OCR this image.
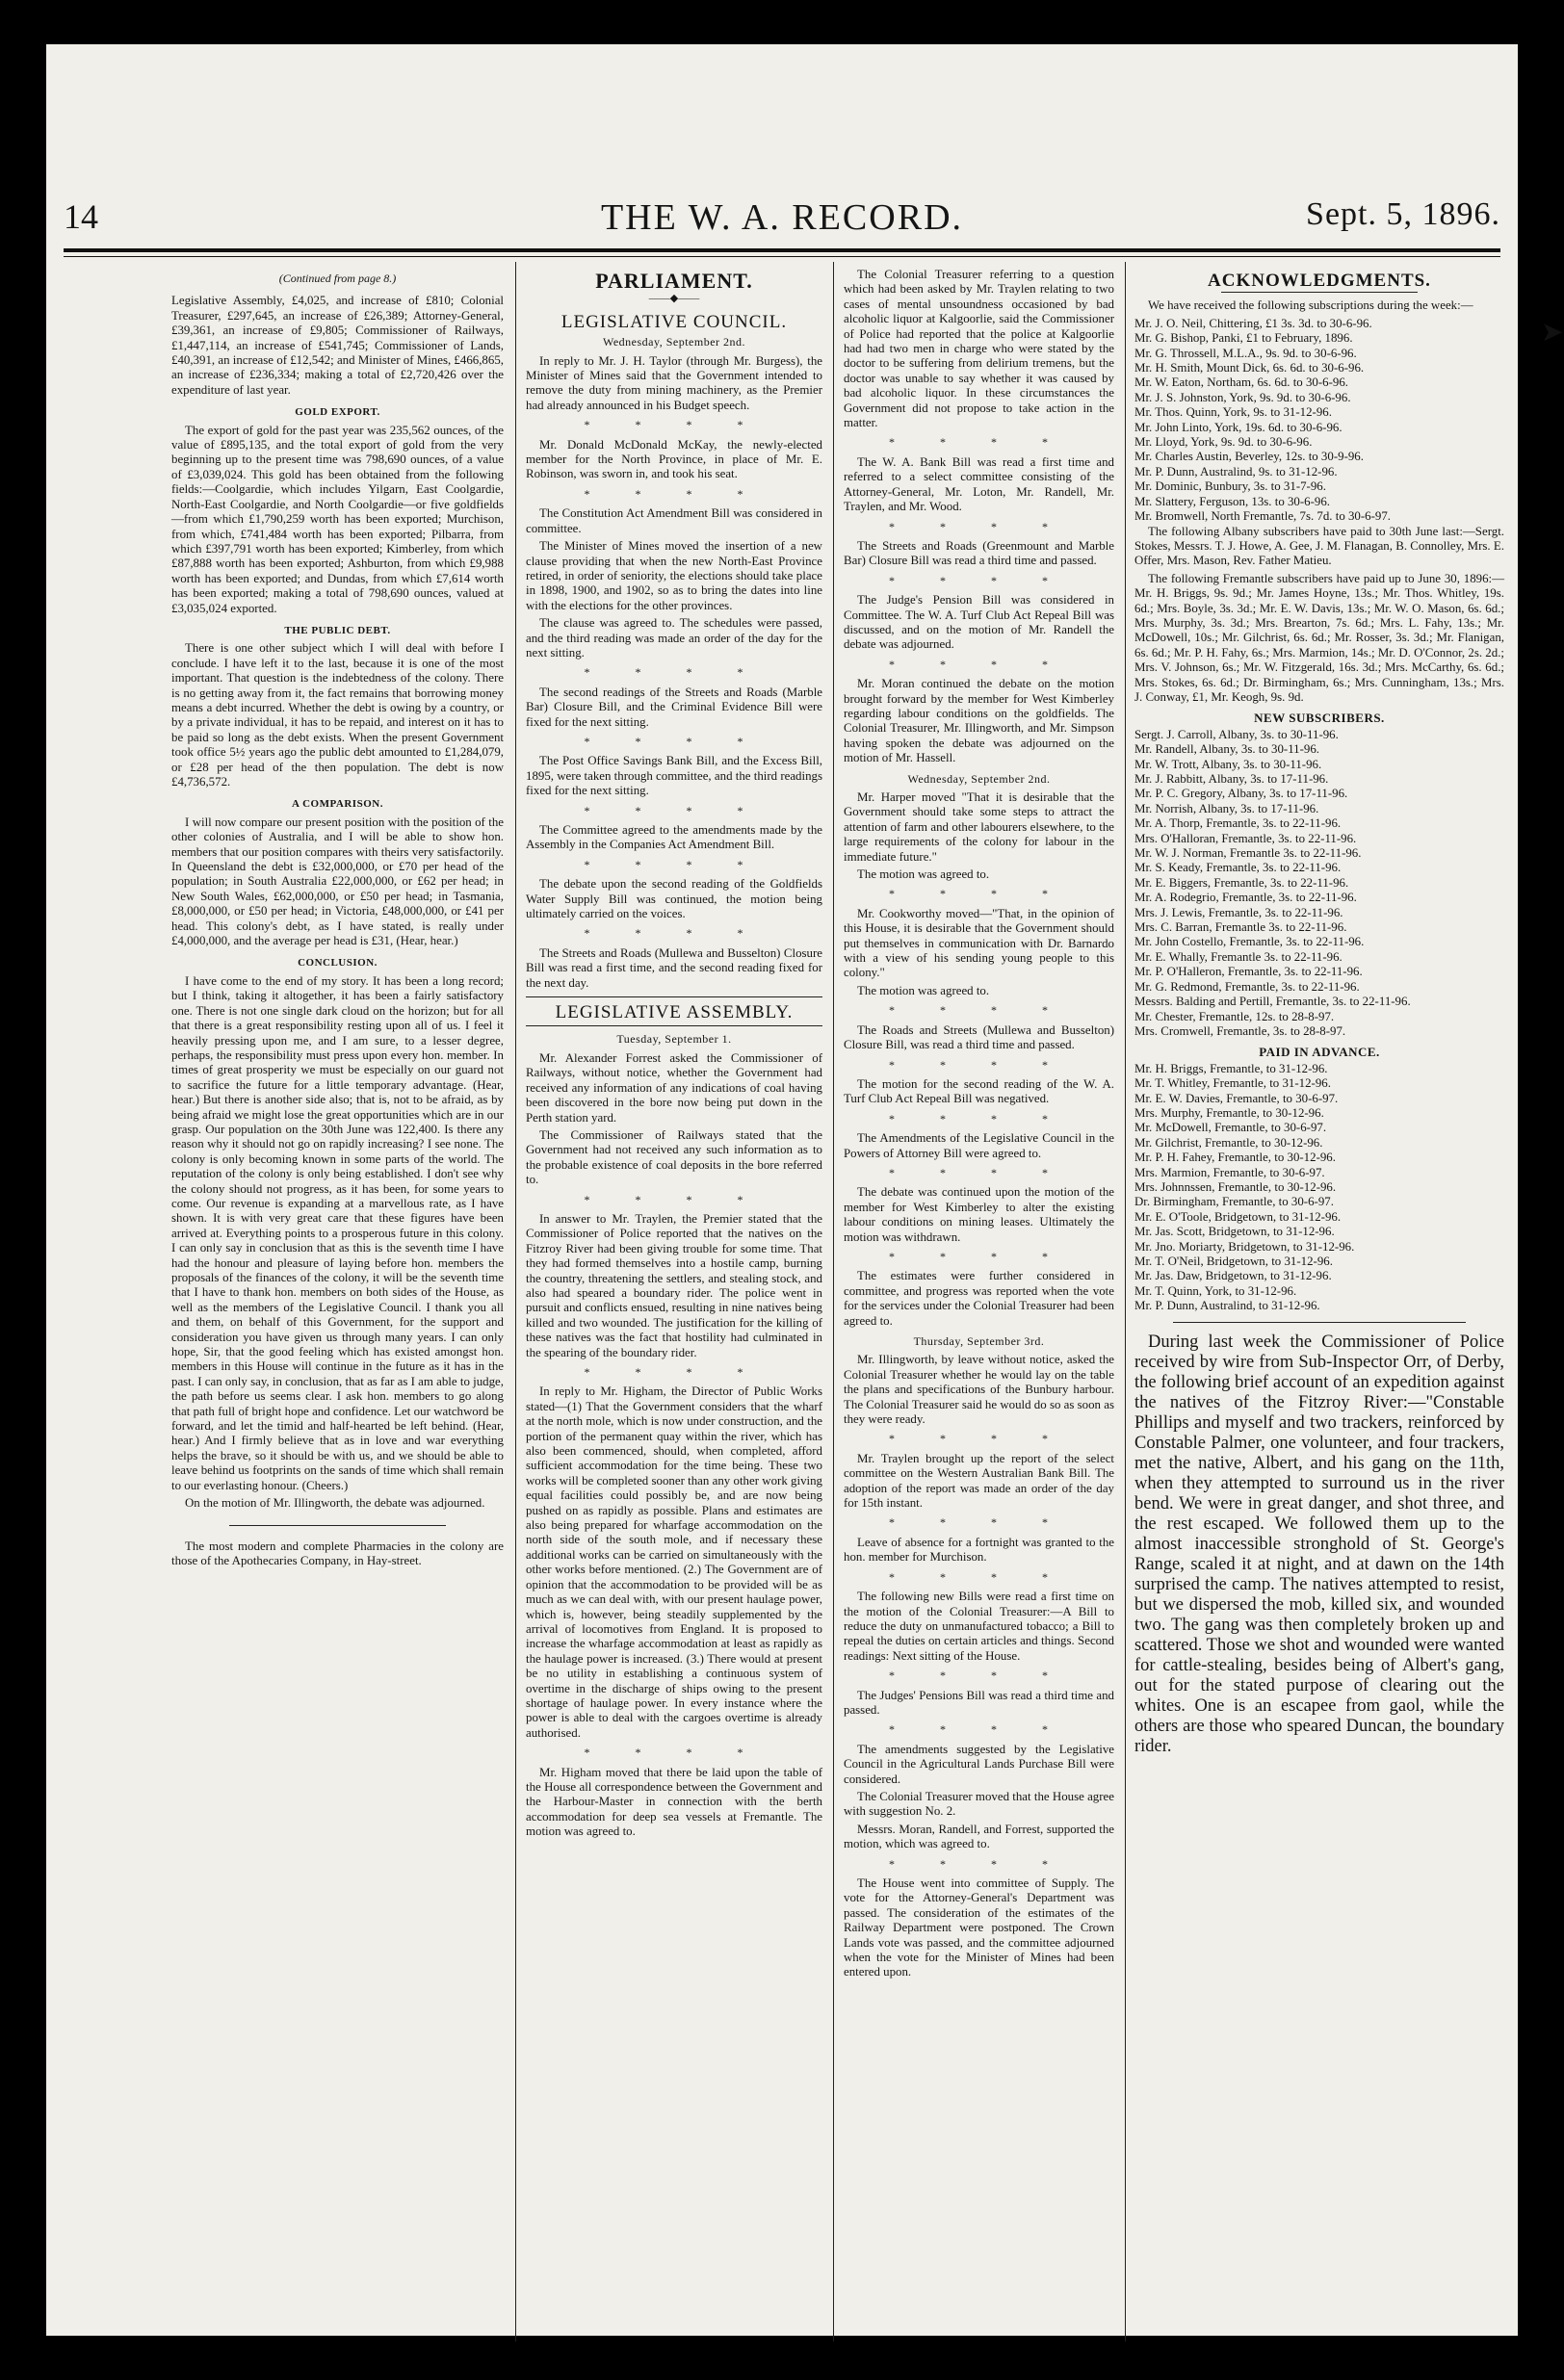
14	THE W. A. RECORD.	Sept. 5, 1896.
(Continued from page 8.)

Legislative Assembly, £4,025, and increase of £810; Colonial Treasurer, £297,645, an increase of £26,389; Attorney-General, £39,361, an increase of £9,805; Commissioner of Railways, £1,447,114, an increase of £541,745; Commissioner of Lands, £40,391, an increase of £12,542; and Minister of Mines, £466,865, an increase of £236,334; making a total of £2,720,426 over the expenditure of last year.

GOLD EXPORT.

The export of gold for the past year was 235,562 ounces, of the value of £895,135, and the total export of gold from the very beginning up to the present time was 798,690 ounces, of a value of £3,039,024. This gold has been obtained from the following fields:—Coolgardie, which includes Yilgarn, East Coolgardie, North-East Coolgardie, and North Coolgardie—or five goldfields—from which £1,790,259 worth has been exported; Murchison, from which, £741,484 worth has been exported; Pilbarra, from which £397,791 worth has been exported; Kimberley, from which £87,888 worth has been exported; Ashburton, from which £9,988 worth has been exported; and Dundas, from which £7,614 worth has been exported; making a total of 798,690 ounces, valued at £3,035,024 exported.

THE PUBLIC DEBT.

There is one other subject which I will deal with before I conclude. I have left it to the last, because it is one of the most important. That question is the indebtedness of the colony. There is no getting away from it, the fact remains that borrowing money means a debt incurred. Whether the debt is owing by a country, or by a private individual, it has to be repaid, and interest on it has to be paid so long as the debt exists. When the present Government took office 5½ years ago the public debt amounted to £1,284,079, or £28 per head of the then population. The debt is now £4,736,572.

A COMPARISON.

I will now compare our present position with the position of the other colonies of Australia, and I will be able to show hon. members that our position compares with theirs very satisfactorily. In Queensland the debt is £32,000,000, or £70 per head of the population; in South Australia £22,000,000, or £62 per head; in New South Wales, £62,000,000, or £50 per head; in Tasmania, £8,000,000, or £50 per head; in Victoria, £48,000,000, or £41 per head. This colony's debt, as I have stated, is really under £4,000,000, and the average per head is £31, (Hear, hear.)

CONCLUSION.

I have come to the end of my story. It has been a long record; but I think, taking it altogether, it has been a fairly satisfactory one. There is not one single dark cloud on the horizon; but for all that there is a great responsibility resting upon all of us. I feel it heavily pressing upon me, and I am sure, to a lesser degree, perhaps, the responsibility must press upon every hon. member. In times of great prosperity we must be especially on our guard not to sacrifice the future for a little temporary advantage. (Hear, hear.) But there is another side also; that is, not to be afraid, as by being afraid we might lose the great opportunities which are in our grasp. Our population on the 30th June was 122,400. Is there any reason why it should not go on rapidly increasing? I see none. The colony is only becoming known in some parts of the world. The reputation of the colony is only being established. I don't see why the colony should not progress, as it has been, for some years to come. Our revenue is expanding at a marvellous rate, as I have shown. It is with very great care that these figures have been arrived at. Everything points to a prosperous future in this colony. I can only say in conclusion that as this is the seventh time I have had the honour and pleasure of laying before hon. members the proposals of the finances of the colony, it will be the seventh time that I have to thank hon. members on both sides of the House, as well as the members of the Legislative Council. I thank you all and them, on behalf of this Government, for the support and consideration you have given us through many years. I can only hope, Sir, that the good feeling which has existed amongst hon. members in this House will continue in the future as it has in the past. I can only say, in conclusion, that as far as I am able to judge, the path before us seems clear. I ask hon. members to go along that path full of bright hope and confidence. Let our watchword be forward, and let the timid and half-hearted be left behind. (Hear, hear.) And I firmly believe that as in love and war everything helps the brave, so it should be with us, and we should be able to leave behind us footprints on the sands of time which shall remain to our everlasting honour. (Cheers.)

On the motion of Mr. Illingworth, the debate was adjourned.

The most modern and complete Pharmacies in the colony are those of the Apothecaries Company, in Hay-street.

PARLIAMENT.
——◆——
LEGISLATIVE COUNCIL.
Wednesday, September 2nd.

In reply to Mr. J. H. Taylor (through Mr. Burgess), the Minister of Mines said that the Government intended to remove the duty from mining machinery, as the Premier had already announced in his Budget speech.

* * * *

Mr. Donald McDonald McKay, the newly-elected member for the North Province, in place of Mr. E. Robinson, was sworn in, and took his seat.

* * * *

The Constitution Act Amendment Bill was considered in committee.

The Minister of Mines moved the insertion of a new clause providing that when the new North-East Province retired, in order of seniority, the elections should take place in 1898, 1900, and 1902, so as to bring the dates into line with the elections for the other provinces.

The clause was agreed to. The schedules were passed, and the third reading was made an order of the day for the next sitting.

* * * *

The second readings of the Streets and Roads (Marble Bar) Closure Bill, and the Criminal Evidence Bill were fixed for the next sitting.

* * * *

The Post Office Savings Bank Bill, and the Excess Bill, 1895, were taken through committee, and the third readings fixed for the next sitting.

* * * *

The Committee agreed to the amendments made by the Assembly in the Companies Act Amendment Bill.

* * * *

The debate upon the second reading of the Goldfields Water Supply Bill was continued, the motion being ultimately carried on the voices.

* * * *

The Streets and Roads (Mullewa and Busselton) Closure Bill was read a first time, and the second reading fixed for the next day.

LEGISLATIVE ASSEMBLY.
Tuesday, September 1.

Mr. Alexander Forrest asked the Commissioner of Railways, without notice, whether the Government had received any information of any indications of coal having been discovered in the bore now being put down in the Perth station yard.

The Commissioner of Railways stated that the Government had not received any such information as to the probable existence of coal deposits in the bore referred to.

* * * *

In answer to Mr. Traylen, the Premier stated that the Commissioner of Police reported that the natives on the Fitzroy River had been giving trouble for some time. That they had formed themselves into a hostile camp, burning the country, threatening the settlers, and stealing stock, and also had speared a boundary rider. The police went in pursuit and conflicts ensued, resulting in nine natives being killed and two wounded. The justification for the killing of these natives was the fact that hostility had culminated in the spearing of the boundary rider.

* * * *

In reply to Mr. Higham, the Director of Public Works stated—(1) That the Government considers that the wharf at the north mole, which is now under construction, and the portion of the permanent quay within the river, which has also been commenced, should, when completed, afford sufficient accommodation for the time being. These two works will be completed sooner than any other work giving equal facilities could possibly be, and are now being pushed on as rapidly as possible. Plans and estimates are also being prepared for wharfage accommodation on the north side of the south mole, and if necessary these additional works can be carried on simultaneously with the other works before mentioned. (2.) The Government are of opinion that the accommodation to be provided will be as much as we can deal with, with our present haulage power, which is, however, being steadily supplemented by the arrival of locomotives from England. It is proposed to increase the wharfage accommodation at least as rapidly as the haulage power is increased. (3.) There would at present be no utility in establishing a continuous system of overtime in the discharge of ships owing to the present shortage of haulage power. In every instance where the power is able to deal with the cargoes overtime is already authorised.

* * * *

Mr. Higham moved that there be laid upon the table of the House all correspondence between the Government and the Harbour-Master in connection with the berth accommodation for deep sea vessels at Fremantle. The motion was agreed to.

The Colonial Treasurer referring to a question which had been asked by Mr. Traylen relating to two cases of mental unsoundness occasioned by bad alcoholic liquor at Kalgoorlie, said the Commissioner of Police had reported that the police at Kalgoorlie had had two men in charge who were stated by the doctor to be suffering from delirium tremens, but the doctor was unable to say whether it was caused by bad alcoholic liquor. In these circumstances the Government did not propose to take action in the matter.

* * * *

The W. A. Bank Bill was read a first time and referred to a select committee consisting of the Attorney-General, Mr. Loton, Mr. Randell, Mr. Traylen, and Mr. Wood.

* * * *

The Streets and Roads (Greenmount and Marble Bar) Closure Bill was read a third time and passed.

* * * *

The Judge's Pension Bill was considered in Committee. The W. A. Turf Club Act Repeal Bill was discussed, and on the motion of Mr. Randell the debate was adjourned.

* * * *

Mr. Moran continued the debate on the motion brought forward by the member for West Kimberley regarding labour conditions on the goldfields. The Colonial Treasurer, Mr. Illingworth, and Mr. Simpson having spoken the debate was adjourned on the motion of Mr. Hassell.

Wednesday, September 2nd.

Mr. Harper moved "That it is desirable that the Government should take some steps to attract the attention of farm and other labourers elsewhere, to the large requirements of the colony for labour in the immediate future."

The motion was agreed to.

* * * *

Mr. Cookworthy moved—"That, in the opinion of this House, it is desirable that the Government should put themselves in communication with Dr. Barnardo with a view of his sending young people to this colony."

The motion was agreed to.

* * * *

The Roads and Streets (Mullewa and Busselton) Closure Bill, was read a third time and passed.

* * * *

The motion for the second reading of the W. A. Turf Club Act Repeal Bill was negatived.

* * * *

The Amendments of the Legislative Council in the Powers of Attorney Bill were agreed to.

* * * *

The debate was continued upon the motion of the member for West Kimberley to alter the existing labour conditions on mining leases. Ultimately the motion was withdrawn.

* * * *

The estimates were further considered in committee, and progress was reported when the vote for the services under the Colonial Treasurer had been agreed to.

Thursday, September 3rd.

Mr. Illingworth, by leave without notice, asked the Colonial Treasurer whether he would lay on the table the plans and specifications of the Bunbury harbour. The Colonial Treasurer said he would do so as soon as they were ready.

* * * *

Mr. Traylen brought up the report of the select committee on the Western Australian Bank Bill. The adoption of the report was made an order of the day for 15th instant.

* * * *

Leave of absence for a fortnight was granted to the hon. member for Murchison.

* * * *

The following new Bills were read a first time on the motion of the Colonial Treasurer:—A Bill to reduce the duty on unmanufactured tobacco; a Bill to repeal the duties on certain articles and things. Second readings: Next sitting of the House.

* * * *

The Judges' Pensions Bill was read a third time and passed.

* * * *

The amendments suggested by the Legislative Council in the Agricultural Lands Purchase Bill were considered.

The Colonial Treasurer moved that the House agree with suggestion No. 2.

Messrs. Moran, Randell, and Forrest, supported the motion, which was agreed to.

* * * *

The House went into committee of Supply. The vote for the Attorney-General's Department was passed. The consideration of the estimates of the Railway Department were postponed. The Crown Lands vote was passed, and the committee adjourned when the vote for the Minister of Mines had been entered upon.

ACKNOWLEDGMENTS.

We have received the following subscriptions during the week:—

Mr. J. O. Neil, Chittering, £1 3s. 3d. to 30-6-96.

Mr. G. Bishop, Panki, £1 to February, 1896.

Mr. G. Throssell, M.L.A., 9s. 9d. to 30-6-96.

Mr. H. Smith, Mount Dick, 6s. 6d. to 30-6-96.

Mr. W. Eaton, Northam, 6s. 6d. to 30-6-96.

Mr. J. S. Johnston, York, 9s. 9d. to 30-6-96.

Mr. Thos. Quinn, York, 9s. to 31-12-96.

Mr. John Linto, York, 19s. 6d. to 30-6-96.

Mr. Lloyd, York, 9s. 9d. to 30-6-96.

Mr. Charles Austin, Beverley, 12s. to 30-9-96.

Mr. P. Dunn, Australind, 9s. to 31-12-96.

Mr. Dominic, Bunbury, 3s. to 31-7-96.

Mr. Slattery, Ferguson, 13s. to 30-6-96.

Mr. Bromwell, North Fremantle, 7s. 7d. to 30-6-97.

The following Albany subscribers have paid to 30th June last:—Sergt. Stokes, Messrs. T. J. Howe, A. Gee, J. M. Flanagan, B. Connolley, Mrs. E. Offer, Mrs. Mason, Rev. Father Matieu.

The following Fremantle subscribers have paid up to June 30, 1896:—Mr. H. Briggs, 9s. 9d.; Mr. James Hoyne, 13s.; Mr. Thos. Whitley, 19s. 6d.; Mrs. Boyle, 3s. 3d.; Mr. E. W. Davis, 13s.; Mr. W. O. Mason, 6s. 6d.; Mrs. Murphy, 3s. 3d.; Mrs. Brearton, 7s. 6d.; Mrs. L. Fahy, 13s.; Mr. McDowell, 10s.; Mr. Gilchrist, 6s. 6d.; Mr. Rosser, 3s. 3d.; Mr. Flanigan, 6s. 6d.; Mr. P. H. Fahy, 6s.; Mrs. Marmion, 14s.; Mr. D. O'Connor, 2s. 2d.; Mrs. V. Johnson, 6s.; Mr. W. Fitzgerald, 16s. 3d.; Mrs. McCarthy, 6s. 6d.; Mrs. Stokes, 6s. 6d.; Dr. Birmingham, 6s.; Mrs. Cunningham, 13s.; Mrs. J. Conway, £1, Mr. Keogh, 9s. 9d.

NEW SUBSCRIBERS.

Sergt. J. Carroll, Albany, 3s. to 30-11-96.

Mr. Randell, Albany, 3s. to 30-11-96.

Mr. W. Trott, Albany, 3s. to 30-11-96.

Mr. J. Rabbitt, Albany, 3s. to 17-11-96.

Mr. P. C. Gregory, Albany, 3s. to 17-11-96.

Mr. Norrish, Albany, 3s. to 17-11-96.

Mr. A. Thorp, Fremantle, 3s. to 22-11-96.

Mrs. O'Halloran, Fremantle, 3s. to 22-11-96.

Mr. W. J. Norman, Fremantle 3s. to 22-11-96.

Mr. S. Keady, Fremantle, 3s. to 22-11-96.

Mr. E. Biggers, Fremantle, 3s. to 22-11-96.

Mr. A. Rodegrio, Fremantle, 3s. to 22-11-96.

Mrs. J. Lewis, Fremantle, 3s. to 22-11-96.

Mrs. C. Barran, Fremantle 3s. to 22-11-96.

Mr. John Costello, Fremantle, 3s. to 22-11-96.

Mr. E. Whally, Fremantle 3s. to 22-11-96.

Mr. P. O'Halleron, Fremantle, 3s. to 22-11-96.

Mr. G. Redmond, Fremantle, 3s. to 22-11-96.

Messrs. Balding and Pertill, Fremantle, 3s. to 22-11-96.

Mr. Chester, Fremantle, 12s. to 28-8-97.

Mrs. Cromwell, Fremantle, 3s. to 28-8-97.

PAID IN ADVANCE.

Mr. H. Briggs, Fremantle, to 31-12-96.

Mr. T. Whitley, Fremantle, to 31-12-96.

Mr. E. W. Davies, Fremantle, to 30-6-97.

Mrs. Murphy, Fremantle, to 30-12-96.

Mr. McDowell, Fremantle, to 30-6-97.

Mr. Gilchrist, Fremantle, to 30-12-96.

Mr. P. H. Fahey, Fremantle, to 30-12-96.

Mrs. Marmion, Fremantle, to 30-6-97.

Mrs. Johnnssen, Fremantle, to 30-12-96.

Dr. Birmingham, Fremantle, to 30-6-97.

Mr. E. O'Toole, Bridgetown, to 31-12-96.

Mr. Jas. Scott, Bridgetown, to 31-12-96.

Mr. Jno. Moriarty, Bridgetown, to 31-12-96.

Mr. T. O'Neil, Bridgetown, to 31-12-96.

Mr. Jas. Daw, Bridgetown, to 31-12-96.

Mr. T. Quinn, York, to 31-12-96.

Mr. P. Dunn, Australind, to 31-12-96.

During last week the Commissioner of Police received by wire from Sub-Inspector Orr, of Derby, the following brief account of an expedition against the natives of the Fitzroy River:—"Constable Phillips and myself and two trackers, reinforced by Constable Palmer, one volunteer, and four trackers, met the native, Albert, and his gang on the 11th, when they attempted to surround us in the river bend. We were in great danger, and shot three, and the rest escaped. We followed them up to the almost inaccessible stronghold of St. George's Range, scaled it at night, and at dawn on the 14th surprised the camp. The natives attempted to resist, but we dispersed the mob, killed six, and wounded two. The gang was then completely broken up and scattered. Those we shot and wounded were wanted for cattle-stealing, besides being of Albert's gang, out for the stated purpose of clearing out the whites. One is an escapee from gaol, while the others are those who speared Duncan, the boundary rider.

➤
